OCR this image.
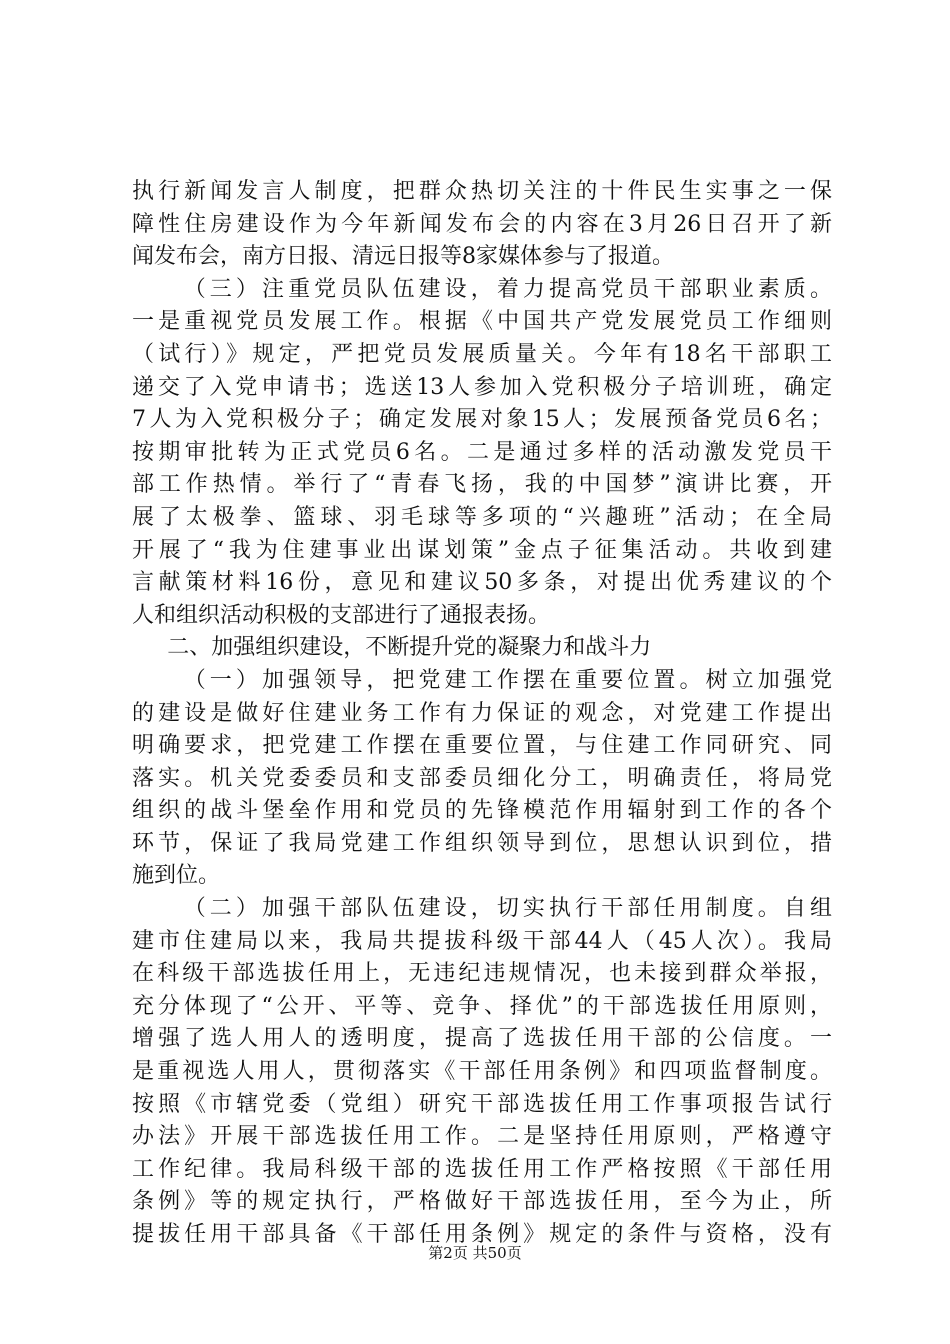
执行新闻发言人制度，把群众热切关注的十件民生实事之一保
障性住房建设作为今年新闻发布会的内容在3月26日召开了新
闻发布会，南方日报、清远日报等8家媒体参与了报道。
（三）注重党员队伍建设，着力提高党员干部职业素质。
一是重视党员发展工作。根据《中国共产党发展党员工作细则
（试行）》规定，严把党员发展质量关。今年有18名干部职工
递交了入党申请书；选送13人参加入党积极分子培训班，确定
7人为入党积极分子；确定发展对象15人；发展预备党员6名；
按期审批转为正式党员6名。二是通过多样的活动激发党员干
部工作热情。举行了“青春飞扬，我的中国梦”演讲比赛，开
展了太极拳、篮球、羽毛球等多项的“兴趣班”活动；在全局
开展了“我为住建事业出谋划策”金点子征集活动。共收到建
言献策材料16份，意见和建议50多条，对提出优秀建议的个
人和组织活动积极的支部进行了通报表扬。
二、加强组织建设，不断提升党的凝聚力和战斗力
（一）加强领导，把党建工作摆在重要位置。树立加强党
的建设是做好住建业务工作有力保证的观念，对党建工作提出
明确要求，把党建工作摆在重要位置，与住建工作同研究、同
落实。机关党委委员和支部委员细化分工，明确责任，将局党
组织的战斗堡垒作用和党员的先锋模范作用辐射到工作的各个
环节，保证了我局党建工作组织领导到位，思想认识到位，措
施到位。
（二）加强干部队伍建设，切实执行干部任用制度。自组
建市住建局以来，我局共提拔科级干部44人（45人次）。我局
在科级干部选拔任用上，无违纪违规情况，也未接到群众举报，
充分体现了“公开、平等、竞争、择优”的干部选拔任用原则，
增强了选人用人的透明度，提高了选拔任用干部的公信度。一
是重视选人用人，贯彻落实《干部任用条例》和四项监督制度。
按照《市辖党委（党组）研究干部选拔任用工作事项报告试行
办法》开展干部选拔任用工作。二是坚持任用原则，严格遵守
工作纪律。我局科级干部的选拔任用工作严格按照《干部任用
条例》等的规定执行，严格做好干部选拔任用，至今为止，所
提拔任用干部具备《干部任用条例》规定的条件与资格，没有
第2页 共50页
